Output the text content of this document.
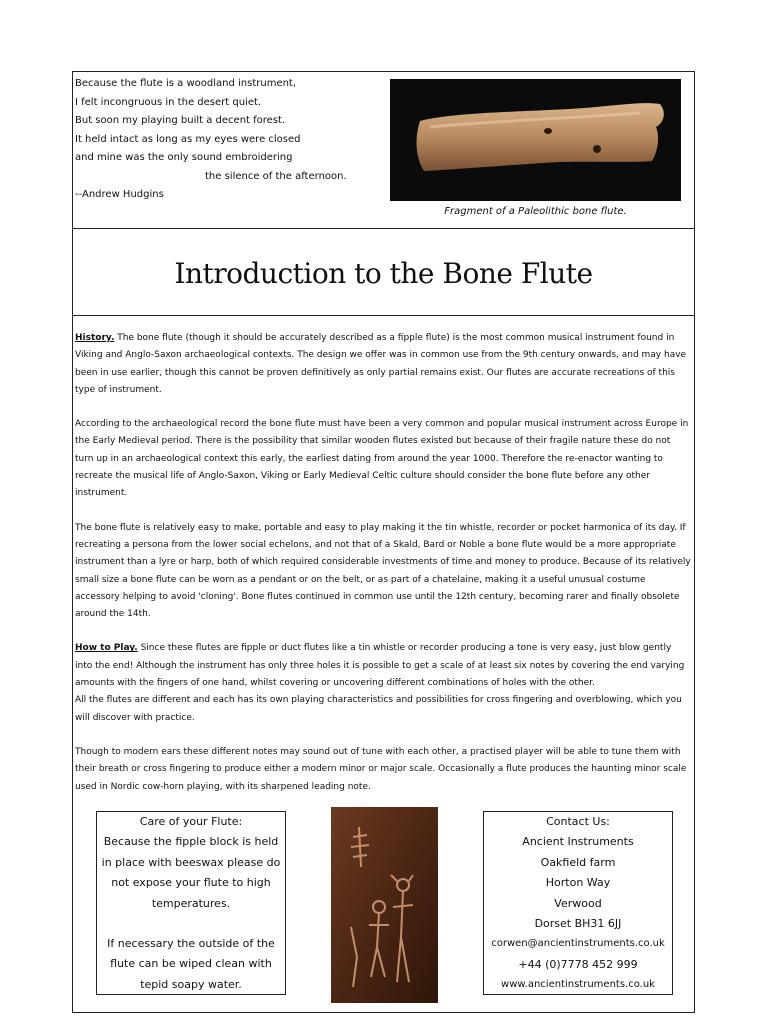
Because the flute is a woodland instrument,
I felt incongruous in the desert quiet.
But soon my playing built a decent forest.
It held intact as long as my eyes were closed
and mine was the only sound embroidering
the silence of the afternoon.
--Andrew Hudgins
Fragment of a Paleolithic bone flute.
Introduction to the Bone Flute

History. The bone flute (though it should be accurately described as a fipple flute) is the most common musical instrument found in Viking and Anglo-Saxon archaeological contexts. The design we offer was in common use from the 9th century onwards, and may have been in use earlier, though this cannot be proven definitively as only partial remains exist. Our flutes are accurate recreations of this type of instrument.

According to the archaeological record the bone flute must have been a very common and popular musical instrument across Europe in the Early Medieval period. There is the possibility that similar wooden flutes existed but because of their fragile nature these do not turn up in an archaeological context this early, the earliest dating from around the year 1000. Therefore the re-enactor wanting to recreate the musical life of Anglo-Saxon, Viking or Early Medieval Celtic culture should consider the bone flute before any other instrument.

The bone flute is relatively easy to make, portable and easy to play making it the tin whistle, recorder or pocket harmonica of its day. If recreating a persona from the lower social echelons, and not that of a Skald, Bard or Noble a bone flute would be a more appropriate instrument than a lyre or harp, both of which required considerable investments of time and money to produce. Because of its relatively small size a bone flute can be worn as a pendant or on the belt, or as part of a chatelaine, making it a useful unusual costume accessory helping to avoid 'cloning'. Bone flutes continued in common use until the 12th century, becoming rarer and finally obsolete around the 14th.

How to Play. Since these flutes are fipple or duct flutes like a tin whistle or recorder producing a tone is very easy, just blow gently into the end! Although the instrument has only three holes it is possible to get a scale of at least six notes by covering the end varying amounts with the fingers of one hand, whilst covering or uncovering different combinations of holes with the other.

All the flutes are different and each has its own playing characteristics and possibilities for cross fingering and overblowing, which you will discover with practice.

Though to modern ears these different notes may sound out of tune with each other, a practised player will be able to tune them with their breath or cross fingering to produce either a modern minor or major scale. Occasionally a flute produces the haunting minor scale used in Nordic cow-horn playing, with its sharpened leading note.

Care of your Flute:
Because the fipple block is held in place with beeswax please do not expose your flute to high temperatures.
If necessary the outside of the flute can be wiped clean with tepid soapy water.
Contact Us:
Ancient Instruments
Oakfield farm
Horton Way
Verwood
Dorset BH31 6JJ
corwen@ancientinstruments.co.uk
+44 (0)7778 452 999
www.ancientinstruments.co.uk
